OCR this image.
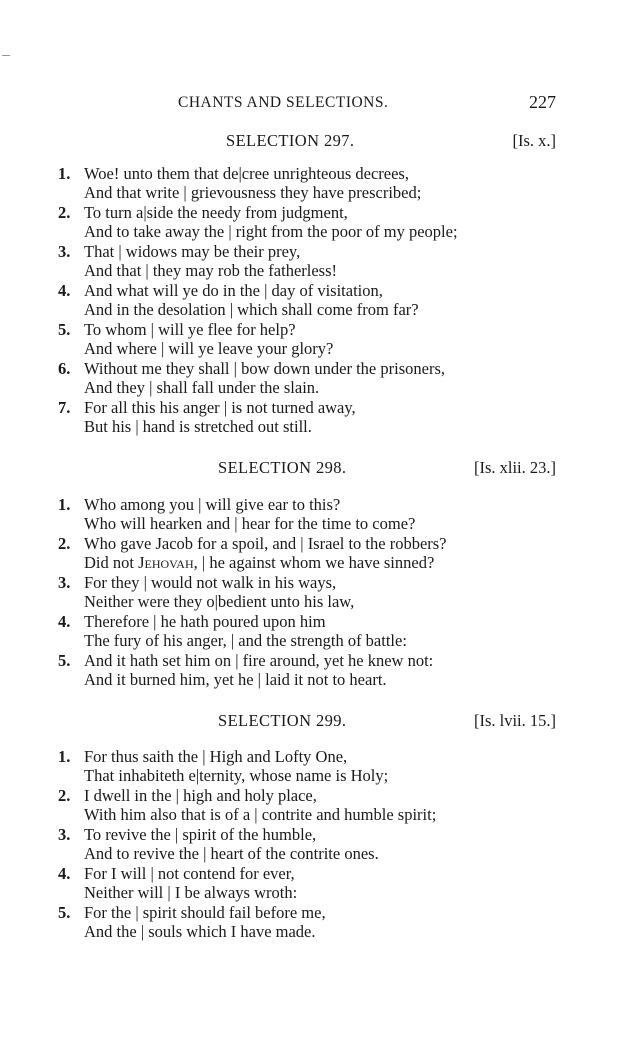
CHANTS AND SELECTIONS.	227
SELECTION 297.	[Is. x.]
1. Woe! unto them that de|cree unrighteous decrees,
And that write | grievousness they have prescribed;
2. To turn a|side the needy from judgment,
And to take away the | right from the poor of my people;
3. That | widows may be their prey,
And that | they may rob the fatherless!
4. And what will ye do in the | day of visitation,
And in the desolation | which shall come from far?
5. To whom | will ye flee for help?
And where | will ye leave your glory?
6. Without me they shall | bow down under the prisoners,
And they | shall fall under the slain.
7. For all this his anger | is not turned away,
But his | hand is stretched out still.
SELECTION 298.	[Is. xlii. 23.]
1. Who among you | will give ear to this?
Who will hearken and | hear for the time to come?
2. Who gave Jacob for a spoil, and | Israel to the robbers?
Did not Jehovah, | he against whom we have sinned?
3. For they | would not walk in his ways,
Neither were they o|bedient unto his law,
4. Therefore | he hath poured upon him
The fury of his anger, | and the strength of battle:
5. And it hath set him on | fire around, yet he knew not:
And it burned him, yet he | laid it not to heart.
SELECTION 299.	[Is. lvii. 15.]
1. For thus saith the | High and Lofty One,
That inhabiteth e|ternity, whose name is Holy;
2. I dwell in the | high and holy place,
With him also that is of a | contrite and humble spirit;
3. To revive the | spirit of the humble,
And to revive the | heart of the contrite ones.
4. For I will | not contend for ever,
Neither will | I be always wroth:
5. For the | spirit should fail before me,
And the | souls which I have made.
